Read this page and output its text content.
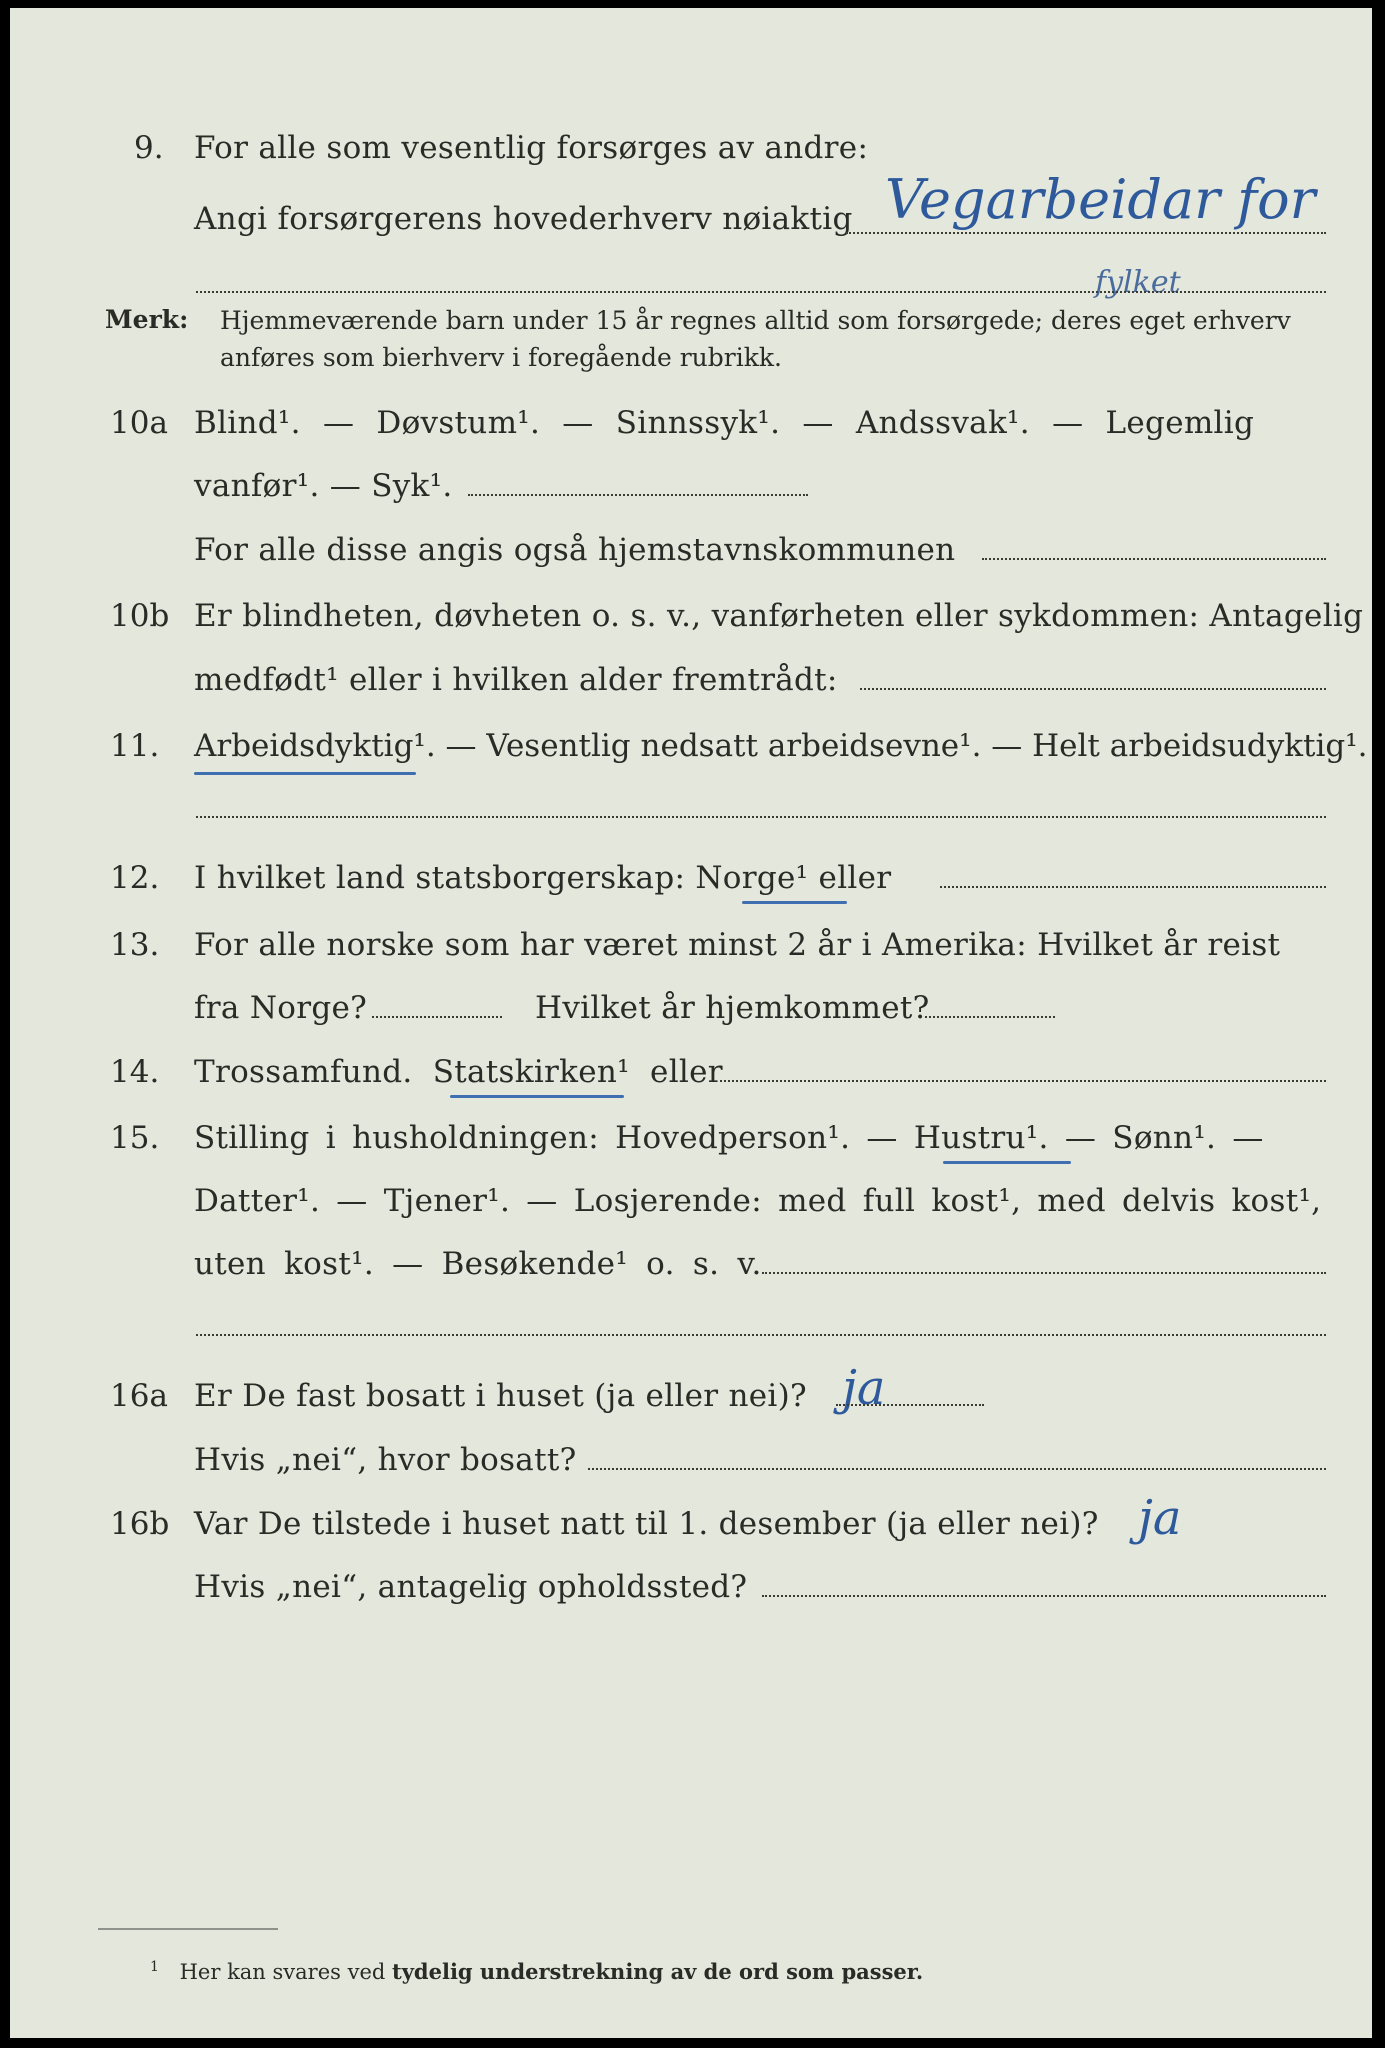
9. For alle som vesentlig forsørges av andre:
Vegarbeidar for
Angi forsørgerens hovederhverv nøiaktig
fylket
Merk: Hjemmeværende barn under 15 år regnes alltid som forsørgede; deres eget erhverv
anføres som bierhverv i foregående rubrikk.
10a Blind¹. — Døvstum¹. — Sinnssyk¹. — Andssvak¹. — Legemlig
vanfør¹. — Syk¹.
For alle disse angis også hjemstavnskommunen
10b Er blindheten, døvheten o. s. v., vanførheten eller sykdommen: Antagelig
medfødt¹ eller i hvilken alder fremtrådt:
11. Arbeidsdyktig¹. — Vesentlig nedsatt arbeidsevne¹. — Helt arbeidsudyktig¹.
12. I hvilket land statsborgerskap: Norge¹ eller
13. For alle norske som har været minst 2 år i Amerika: Hvilket år reist
fra Norge?	Hvilket år hjemkommet?
14. Trossamfund. Statskirken¹ eller
15. Stilling i husholdningen: Hovedperson¹. — Hustru¹. — Sønn¹. —
Datter¹. — Tjener¹. — Losjerende: med full kost¹, med delvis kost¹,
uten kost¹. — Besøkende¹ o. s. v.
16a Er De fast bosatt i huset (ja eller nei)? ja
Hvis „nei“, hvor bosatt?
16b Var De tilstede i huset natt til 1. desember (ja eller nei)? ja
Hvis „nei“, antagelig opholdssted?
$^1$ Her kan svares ved tydelig understrekning av de ord som passer.
